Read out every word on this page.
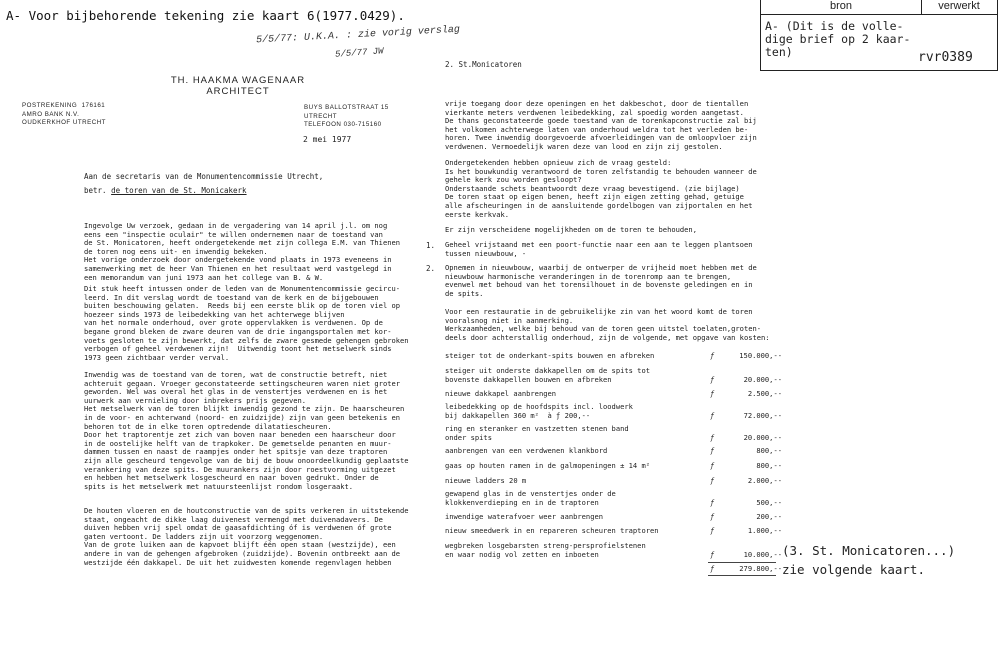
A- Voor bijbehorende tekening zie kaart 6(1977.0429).
bron	verwerkt
A- (Dit is de volle-
dige brief op 2 kaar-
ten)	rvr0389
5/5/77: U.K.A. : zie vorig verslag
5/5/77 JW
TH. HAAKMA WAGENAAR
ARCHITECT
POSTREKENING  176161
AMRO BANK N.V.
OUDKERKHOF UTRECHT
BUYS BALLOTSTRAAT 15
UTRECHT
TELEFOON 030-715160
2 mei 1977
Aan de secretaris van de Monumentencommissie Utrecht,
betr. de toren van de St. Monicakerk
Ingevolge Uw verzoek, gedaan in de vergadering van 14 april j.l. om nog
eens een "inspectie oculair" te willen ondernemen naar de toestand van
de St. Monicatoren, heeft ondergetekende met zijn collega E.M. van Thienen
de toren nog eens uit- en inwendig bekeken.
Het vorige onderzoek door ondergetekende vond plaats in 1973 eveneens in
samenwerking met de heer Van Thienen en het resultaat werd vastgelegd in
een memorandum van juni 1973 aan het college van B. & W.
Dit stuk heeft intussen onder de leden van de Monumentencommissie gecircu-
leerd. In dit verslag wordt de toestand van de kerk en de bijgebouwen
buiten beschouwing gelaten.  Reeds bij een eerste blik op de toren viel op
hoezeer sinds 1973 de leibedekking van het achterwege blijven
van het normale onderhoud, over grote oppervlakken is verdwenen. Op de
begane grond bleken de zware deuren van de drie ingangsportalen met kor-
voets gesloten te zijn bewerkt, dat zelfs de zware gesmede gehengen gebroken
verbogen of geheel verdwenen zijn!  Uitwendig toont het metselwerk sinds
1973 geen zichtbaar verder verval.
Inwendig was de toestand van de toren, wat de constructie betreft, niet
achteruit gegaan. Vroeger geconstateerde settingscheuren waren niet groter
geworden. Wel was overal het glas in de venstertjes verdwenen en is het
uurwerk aan vernieling door inbrekers prijs gegeven.
Het metselwerk van de toren blijkt inwendig gezond te zijn. De haarscheuren
in de voor- en achterwand (noord- en zuidzijde) zijn van geen betekenis en
behoren tot de in elke toren optredende dilatatiescheuren.
Door het traptorentje zet zich van boven naar beneden een haarscheur door
in de oostelijke helft van de trapkoker. De gemetselde penanten en muur-
dammen tussen en naast de raampjes onder het spitsje van deze traptoren
zijn alle gescheurd tengevolge van de bij de bouw onoordeelkundig geplaatste
verankering van deze spits. De muurankers zijn door roestvorming uitgezet
en hebben het metselwerk losgescheurd en naar boven gedrukt. Onder de
spits is het metselwerk met natuursteenlijst rondom losgeraakt.
De houten vloeren en de houtconstructie van de spits verkeren in uitstekende
staat, ongeacht de dikke laag duivenest vermengd met duivenadavers. De
duiven hebben vrij spel omdat de gaasafdichting óf is verdwenen óf grote
gaten vertoont. De ladders zijn uit voorzorg weggenomen.
Van de grote luiken aan de kapvoet blijft één open staan (westzijde), een
andere in van de gehengen afgebroken (zuidzijde). Bovenin ontbreekt aan de
westzijde één dakkapel. De uit het zuidwesten komende regenvlagen hebben
2. St.Monicatoren
vrije toegang door deze openingen en het dakbeschot, door de tientallen
vierkante meters verdwenen leibedekking, zal spoedig worden aangetast.
De thans geconstateerde goede toestand van de torenkapconstructie zal bij
het volkomen achterwege laten van onderhoud weldra tot het verleden be-
horen. Twee inwendig doorgevoerde afvoerleidingen van de omloopvloer zijn
verdwenen. Vermoedelijk waren deze van lood en zijn zij gestolen.
Ondergetekenden hebben opnieuw zich de vraag gesteld:
Is het bouwkundig verantwoord de toren zelfstandig te behouden wanneer de
gehele kerk zou worden gesloopt?
Onderstaande schets beantwoordt deze vraag bevestigend. (zie bijlage)
De toren staat op eigen benen, heeft zijn eigen zetting gehad, getuige
alle afscheuringen in de aansluitende gordelbogen van zijportalen en het
eerste kerkvak.
Er zijn verscheidene mogelijkheden om de toren te behouden,
1. Geheel vrijstaand met een poort-functie naar een aan te leggen plantsoen
tussen nieuwbouw, -
2. Opnemen in nieuwbouw, waarbij de ontwerper de vrijheid moet hebben met de
nieuwbouw harmonische veranderingen in de torenromp aan te brengen,
evenwel met behoud van het torensilhouet in de bovenste geledingen en in
de spits.
Voor een restauratie in de gebruikelijke zin van het woord komt de toren
vooralsnog niet in aanmerking.
Werkzaamheden, welke bij behoud van de toren geen uitstel toelaten,groten-
deels door achterstallig onderhoud, zijn de volgende, met opgave van kosten:
steiger tot de onderkant-spits bouwen en afbreken	ƒ	150.000,--
steiger uit onderste dakkapellen om de spits tot
bovenste dakkapellen bouwen en afbreken	ƒ	20.000,--
nieuwe dakkapel aanbrengen	ƒ	2.500,--
leibedekking op de hoofdspits incl. loodwerk
bij dakkapellen 360 m²  à ƒ 200,--	ƒ	72.000,--
ring en steranker en vastzetten stenen band
onder spits	ƒ	20.000,--
aanbrengen van een verdwenen klankbord	ƒ	800,--
gaas op houten ramen in de galmopeningen ± 14 m²	ƒ	800,--
nieuwe ladders 20 m	ƒ	2.000,--
gewapend glas in de venstertjes onder de
klokkenverdieping en in de traptoren	ƒ	500,--
inwendige waterafvoer weer aanbrengen	ƒ	200,--
nieuw smeedwerk in en repareren scheuren traptoren	ƒ	1.000,--
wegbreken losgebarsten streng-persprofielstenen
en waar nodig vol zetten en inboeten	ƒ	10.000,--
ƒ	279.800,--
(3. St. Monicatoren...)
zie volgende kaart.
